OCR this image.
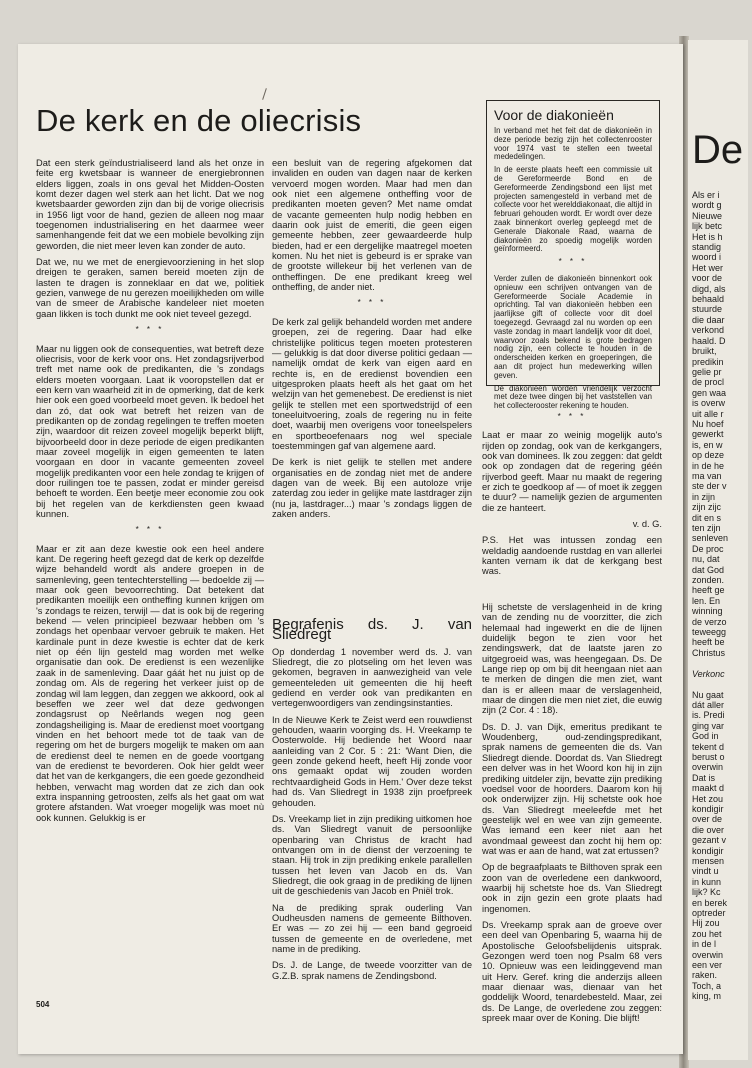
De kerk en de oliecrisis

Dat een sterk geïndustrialiseerd land als het onze in feite erg kwetsbaar is wanneer de energiebronnen elders liggen, zoals in ons geval het Midden-Oosten komt dezer dagen wel sterk aan het licht. Dat we nog kwetsbaarder geworden zijn dan bij de vorige oliecrisis in 1956 ligt voor de hand, gezien de alleen nog maar toegenomen industrialisering en het daarmee weer samenhangende feit dat we een mobiele bevolking zijn geworden, die niet meer leven kan zonder de auto.

Dat we, nu we met de energievoorziening in het slop dreigen te geraken, samen bereid moeten zijn de lasten te dragen is zonneklaar en dat we, politiek gezien, vanwege de nu gerezen moeilijkheden om wille van de smeer de Arabische kandeleer niet moeten gaan likken is toch dunkt me ook niet teveel gezegd.

* * *

Maar nu liggen ook de consequenties, wat betreft deze oliecrisis, voor de kerk voor ons. Het zondagsrijverbod treft met name ook de predikanten, die 's zondags elders moeten voorgaan. Laat ik vooropstellen dat er een kern van waarheid zit in de opmerking, dat de kerk hier ook een goed voorbeeld moet geven. Ik bedoel het dan zó, dat ook wat betreft het reizen van de predikanten op de zondag regelingen te treffen moeten zijn, waardoor dit reizen zoveel mogelijk beperkt blijft, bijvoorbeeld door in deze periode de eigen predikanten maar zoveel mogelijk in eigen gemeenten te laten voorgaan en door in vacante gemeenten zoveel mogelijk predikanten voor een hele zondag te krijgen of door ruilingen toe te passen, zodat er minder gereisd behoeft te worden. Een beetje meer economie zou ook bij het regelen van de kerkdiensten geen kwaad kunnen.

* * *

Maar er zit aan deze kwestie ook een heel andere kant. De regering heeft gezegd dat de kerk op dezelfde wijze behandeld wordt als andere groepen in de samenleving, geen tentechterstelling — bedoelde zij — maar ook geen bevoorrechting. Dat betekent dat predikanten moeilijk een ontheffing kunnen krijgen om 's zondags te reizen, terwijl — dat is ook bij de regering bekend — velen principieel bezwaar hebben om 's zondags het openbaar vervoer gebruik te maken. Het kardinale punt in deze kwestie is echter dat de kerk niet op één lijn gesteld mag worden met welke organisatie dan ook. De eredienst is een wezenlijke zaak in de samenleving. Daar gáát het nu juist op de zondag om. Als de regering het verkeer juist op de zondag wil lam leggen, dan zeggen we akkoord, ook al beseffen we zeer wel dat deze gedwongen zondagsrust op Neêrlands wegen nog geen zondagsheiliging is. Maar de eredienst moet voortgang vinden en het behoort mede tot de taak van de regering om het de burgers mogelijk te maken om aan de eredienst deel te nemen en de goede voortgang van de eredienst te bevorderen. Ook hier geldt weer dat het van de kerkgangers, die een goede gezondheid hebben, verwacht mag worden dat ze zich dan ook extra inspanning getroosten, zelfs als het gaat om wat grotere afstanden. Wat vroeger mogelijk was moet nù ook kunnen. Gelukkig is er

een besluit van de regering afgekomen dat invaliden en ouden van dagen naar de kerken vervoerd mogen worden. Maar had men dan ook niet een algemene ontheffing voor de predikanten moeten geven? Met name omdat de vacante gemeenten hulp nodig hebben en daarin ook juist de emeriti, die geen eigen gemeente hebben, zeer gewaardeerde hulp bieden, had er een dergelijke maatregel moeten komen. Nu het niet is gebeurd is er sprake van de grootste willekeur bij het verlenen van de ontheffingen. De ene predikant kreeg wel ontheffing, de ander niet.

* * *

De kerk zal gelijk behandeld worden met andere groepen, zei de regering. Daar had elke christelijke politicus tegen moeten protesteren — gelukkig is dat door diverse politici gedaan — namelijk omdat de kerk van eigen aard en rechte is, en de eredienst bovendien een uitgesproken plaats heeft als het gaat om het welzijn van het gemenebest. De eredienst is niet gelijk te stellen met een sportwedstrijd of een toneeluitvoering, zoals de regering nu in feite doet, waarbij men overigens voor toneelspelers en sportbeoefenaars nog wel speciale toestemmingen gaf van algemene aard.

De kerk is niet gelijk te stellen met andere organisaties en de zondag niet met de andere dagen van de week. Bij een autoloze vrije zaterdag zou ieder in gelijke mate lastdrager zijn (nu ja, lastdrager...) maar 's zondags liggen de zaken anders.

Begrafenis ds. J. van Sliedregt

Op donderdag 1 november werd ds. J. van Sliedregt, die zo plotseling om het leven was gekomen, begraven in aanwezigheid van vele gemeenteleden uit gemeenten die hij heeft gediend en verder ook van predikanten en vertegenwoordigers van zendingsinstanties.

In de Nieuwe Kerk te Zeist werd een rouwdienst gehouden, waarin voorging ds. H. Vreekamp te Oosterwolde. Hij bediende het Woord naar aanleiding van 2 Cor. 5 : 21: 'Want Dien, die geen zonde gekend heeft, heeft Hij zonde voor ons gemaakt opdat wij zouden worden rechtvaardigheid Gods in Hem.' Over deze tekst had ds. Van Sliedregt in 1938 zijn proefpreek gehouden.

Ds. Vreekamp liet in zijn prediking uitkomen hoe ds. Van Sliedregt vanuit de persoonlijke openbaring van Christus de kracht had ontvangen om in de dienst der verzoening te staan. Hij trok in zijn prediking enkele parallellen tussen het leven van Jacob en ds. Van Sliedregt, die ook graag in de prediking de lijnen uit de geschiedenis van Jacob en Pniël trok.

Na de prediking sprak ouderling Van Oudheusden namens de gemeente Bilthoven. Er was — zo zei hij — een band gegroeid tussen de gemeente en de overledene, met name in de prediking.

Ds. J. de Lange, de tweede voorzitter van de G.Z.B. sprak namens de Zendingsbond.

Voor de diakonieën

In verband met het feit dat de diakonieën in deze periode bezig zijn het collectenrooster voor 1974 vast te stellen een tweetal mededelingen.

In de eerste plaats heeft een commissie uit de Gereformeerde Bond en de Gereformeerde Zendingsbond een lijst met projecten samengesteld in verband met de collecte voor het werelddiakonaat, die altijd in februari gehouden wordt. Er wordt over deze zaak binnenkort overleg gepleegd met de Generale Diakonale Raad, waarna de diakonieën zo spoedig mogelijk worden geïnformeerd.

* * *

Verder zullen de diakonieën binnenkort ook opnieuw een schrijven ontvangen van de Gereformeerde Sociale Academie in oprichting. Tal van diakonieën hebben een jaarlijkse gift of collecte voor dit doel toegezegd. Gevraagd zal nu worden op een vaste zondag in maart landelijk voor dit doel, waarvoor zoals bekend is grote bedragen nodig zijn, een collecte te houden in de onderscheiden kerken en groeperingen, die aan dit project hun medewerking willen geven.

De diakonieën worden vriendelijk verzocht met deze twee dingen bij het vaststellen van het collecterooster rekening te houden.

* * *

Laat er maar zo weinig mogelijk auto's rijden op zondag, ook van de kerkgangers, ook van dominees. Ik zou zeggen: dat geldt ook op zondagen dat de regering géén rijverbod geeft. Maar nu maakt de regering er zich te goedkoop af — of moet ik zeggen te duur? — namelijk gezien de argumenten die ze hanteert.

v. d. G.

P.S. Het was intussen zondag een weldadig aandoende rustdag en van allerlei kanten vernam ik dat de kerkgang best was.

Hij schetste de verslagenheid in de kring van de zending nu de voorzitter, die zich helemaal had ingewerkt en die de lijnen duidelijk begon te zien voor het zendingswerk, dat de laatste jaren zo uitgegroeid was, was heengegaan. Ds. De Lange riep op om bij dit heengaan niet aan te merken de dingen die men ziet, want dan is er alleen maar de verslagenheid, maar de dingen die men niet ziet, die euwig zijn (2 Cor. 4 : 18).

Ds. D. J. van Dijk, emeritus predikant te Woudenberg, oud-zendingspredikant, sprak namens de gemeenten die ds. Van Sliedregt diende. Doordat ds. Van Sliedregt een delver was in het Woord kon hij in zijn prediking uitdeler zijn, bevatte zijn prediking voedsel voor de hoorders. Daarom kon hij ook onderwijzer zijn. Hij schetste ook hoe ds. Van Sliedregt meeleefde met het geestelijk wel en wee van zijn gemeente. Was iemand een keer niet aan het avondmaal geweest dan zocht hij hem op: wat was er aan de hand, wat zat ertussen?

Op de begraafplaats te Bilthoven sprak een zoon van de overledene een dankwoord, waarbij hij schetste hoe ds. Van Sliedregt ook in zijn gezin een grote plaats had ingenomen.

Ds. Vreekamp sprak aan de groeve over een deel van Openbaring 5, waarna hij de Apostolische Geloofsbelijdenis uitsprak. Gezongen werd toen nog Psalm 68 vers 10. Opnieuw was een leidinggevend man uit Herv. Geref. kring die anderzijs alleen maar dienaar was, dienaar van het goddelijk Woord, tenardebesteld. Maar, zei ds. De Lange, de overledene zou zeggen: spreek maar over de Koning. Die blijft!

504
De
Als er i
wordt g
Nieuwe
lijk betc
Het is h
standig
woord i
Het wer
voor de
digd, als
behaald
stuurde
die daar
verkond
haald. D
bruikt,
predikin
gelie pr
de procl
gen waa
is overw
uit alle r
Nu hoef
gewerkt
is, en w
op deze
in de he
ma van
ste der v
in zijn
zijn zijc
dit en s
ten zijn
senleven
De proc
nu, dat
dat God
zonden.
heeft ge
len. En
winning
de verzo
teweegg
heeft be
Christus

Verkonc

Nu gaat
dát aller
is. Predi
ging var
God in
tekent d
berust o
overwin
Dat is
maakt d
Het zou
kondigir
over de
die over
gezant v
kondigir
mensen
vindt u
in kunn
lijk? Kc
en berek
optreder
Hij zou
zou het
in de l
overwin
een ver
raken.
Toch, a
king, m
